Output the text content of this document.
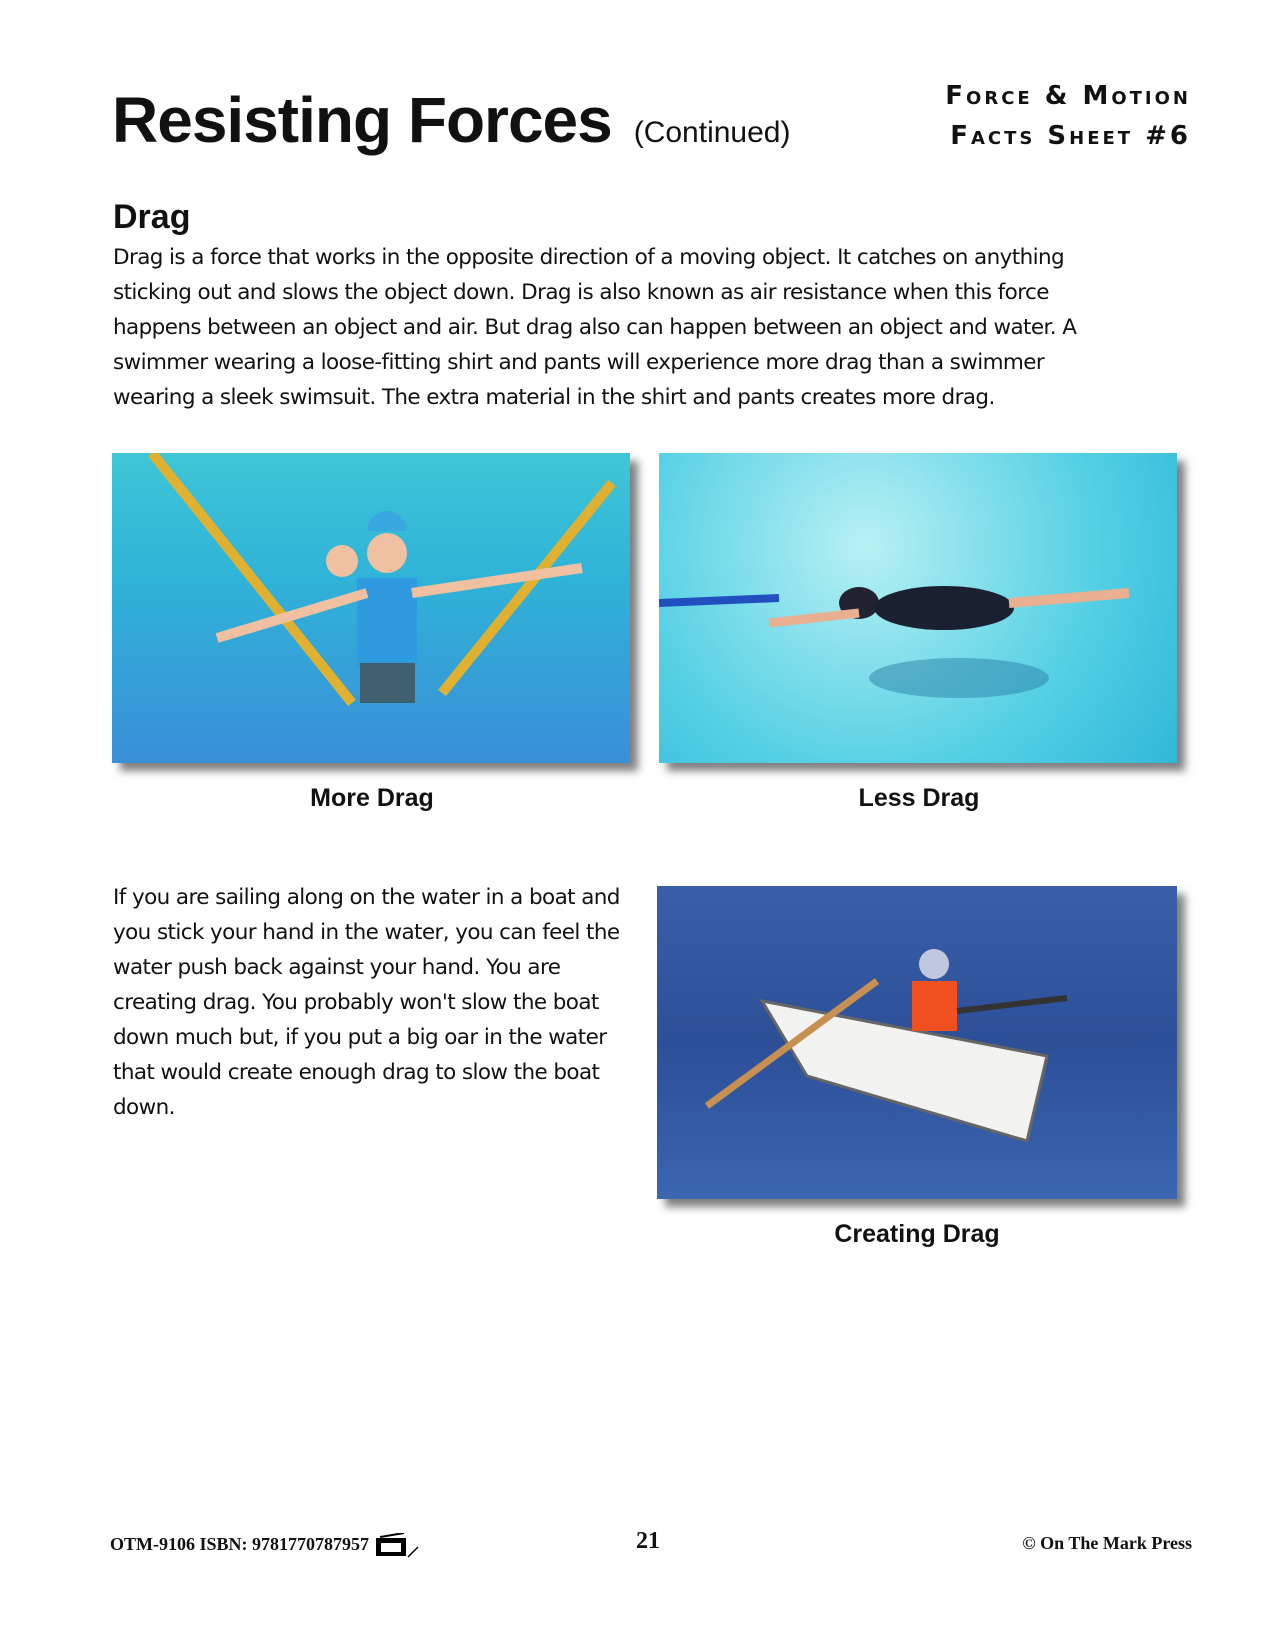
Resisting Forces (Continued)
Force & Motion
Facts Sheet #6
Drag
Drag is a force that works in the opposite direction of a moving object. It catches on anything sticking out and slows the object down. Drag is also known as air resistance when this force happens between an object and air. But drag also can happen between an object and water. A swimmer wearing a loose-fitting shirt and pants will experience more drag than a swimmer wearing a sleek swimsuit. The extra material in the shirt and pants creates more drag.
More Drag	Less Drag
If you are sailing along on the water in a boat and you stick your hand in the water, you can feel the water push back against your hand. You are creating drag. You probably won't slow the boat down much but, if you put a big oar in the water that would create enough drag to slow the boat down.
Creating Drag
OTM-9106 ISBN: 9781770787957	21	© On The Mark Press
